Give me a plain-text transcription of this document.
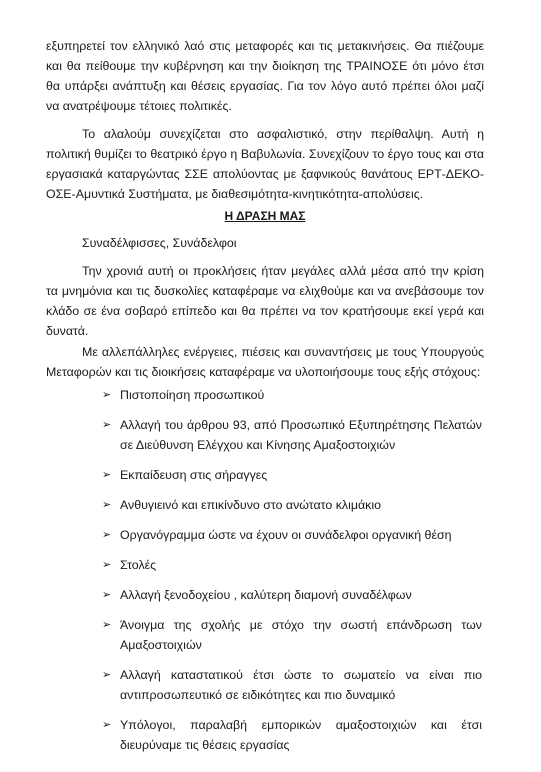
εξυπηρετεί τον ελληνικό λαό στις μεταφορές και τις μετακινήσεις. Θα πιέζουμε και θα πείθουμε την κυβέρνηση και την διοίκηση της ΤΡΑΙΝΟΣΕ ότι μόνο έτσι θα υπάρξει ανάπτυξη και θέσεις εργασίας. Για τον λόγο αυτό πρέπει όλοι μαζί να ανατρέψουμε τέτοιες πολιτικές.

Το αλαλούμ συνεχίζεται στο ασφαλιστικό, στην περίθαλψη. Αυτή η πολιτική θυμίζει το θεατρικό έργο η Βαβυλωνία. Συνεχίζουν το έργο τους και στα εργασιακά καταργώντας ΣΣΕ απολύοντας με ξαφνικούς θανάτους ΕΡΤ-ΔΕΚΟ-ΟΣΕ-Αμυντικά Συστήματα, με διαθεσιμότητα-κινητικότητα-απολύσεις.

Η ΔΡΑΣΗ ΜΑΣ

Συναδέλφισσες, Συνάδελφοι

Την χρονιά αυτή οι προκλήσεις ήταν μεγάλες αλλά μέσα από την κρίση τα μνημόνια και τις δυσκολίες καταφέραμε να ελιχθούμε και να ανεβάσουμε τον κλάδο σε ένα σοβαρό επίπεδο και θα πρέπει να τον κρατήσουμε εκεί γερά και δυνατά.

Με αλλεπάλληλες ενέργειες, πιέσεις και συναντήσεις με τους Υπουργούς Μεταφορών και τις διοικήσεις καταφέραμε να υλοποιήσουμε τους εξής στόχους:

➢ Πιστοποίηση προσωπικού
➢ Αλλαγή του άρθρου 93, από Προσωπικό Εξυπηρέτησης Πελατών σε Διεύθυνση Ελέγχου και Κίνησης Αμαξοστοιχιών
➢ Εκπαίδευση στις σήραγγες
➢ Ανθυγιεινό και επικίνδυνο στο ανώτατο κλιμάκιο
➢ Οργανόγραμμα ώστε να έχουν οι συνάδελφοι οργανική θέση
➢ Στολές
➢ Αλλαγή ξενοδοχείου , καλύτερη διαμονή συναδέλφων
➢ Άνοιγμα της σχολής με στόχο την σωστή επάνδρωση των Αμαξοστοιχιών
➢ Αλλαγή καταστατικού έτσι ώστε το σωματείο να είναι πιο αντιπροσωπευτικό σε ειδικότητες και πιο δυναμικό
➢ Υπόλογοι, παραλαβή εμπορικών αμαξοστοιχιών και έτσι διευρύναμε τις θέσεις εργασίας
